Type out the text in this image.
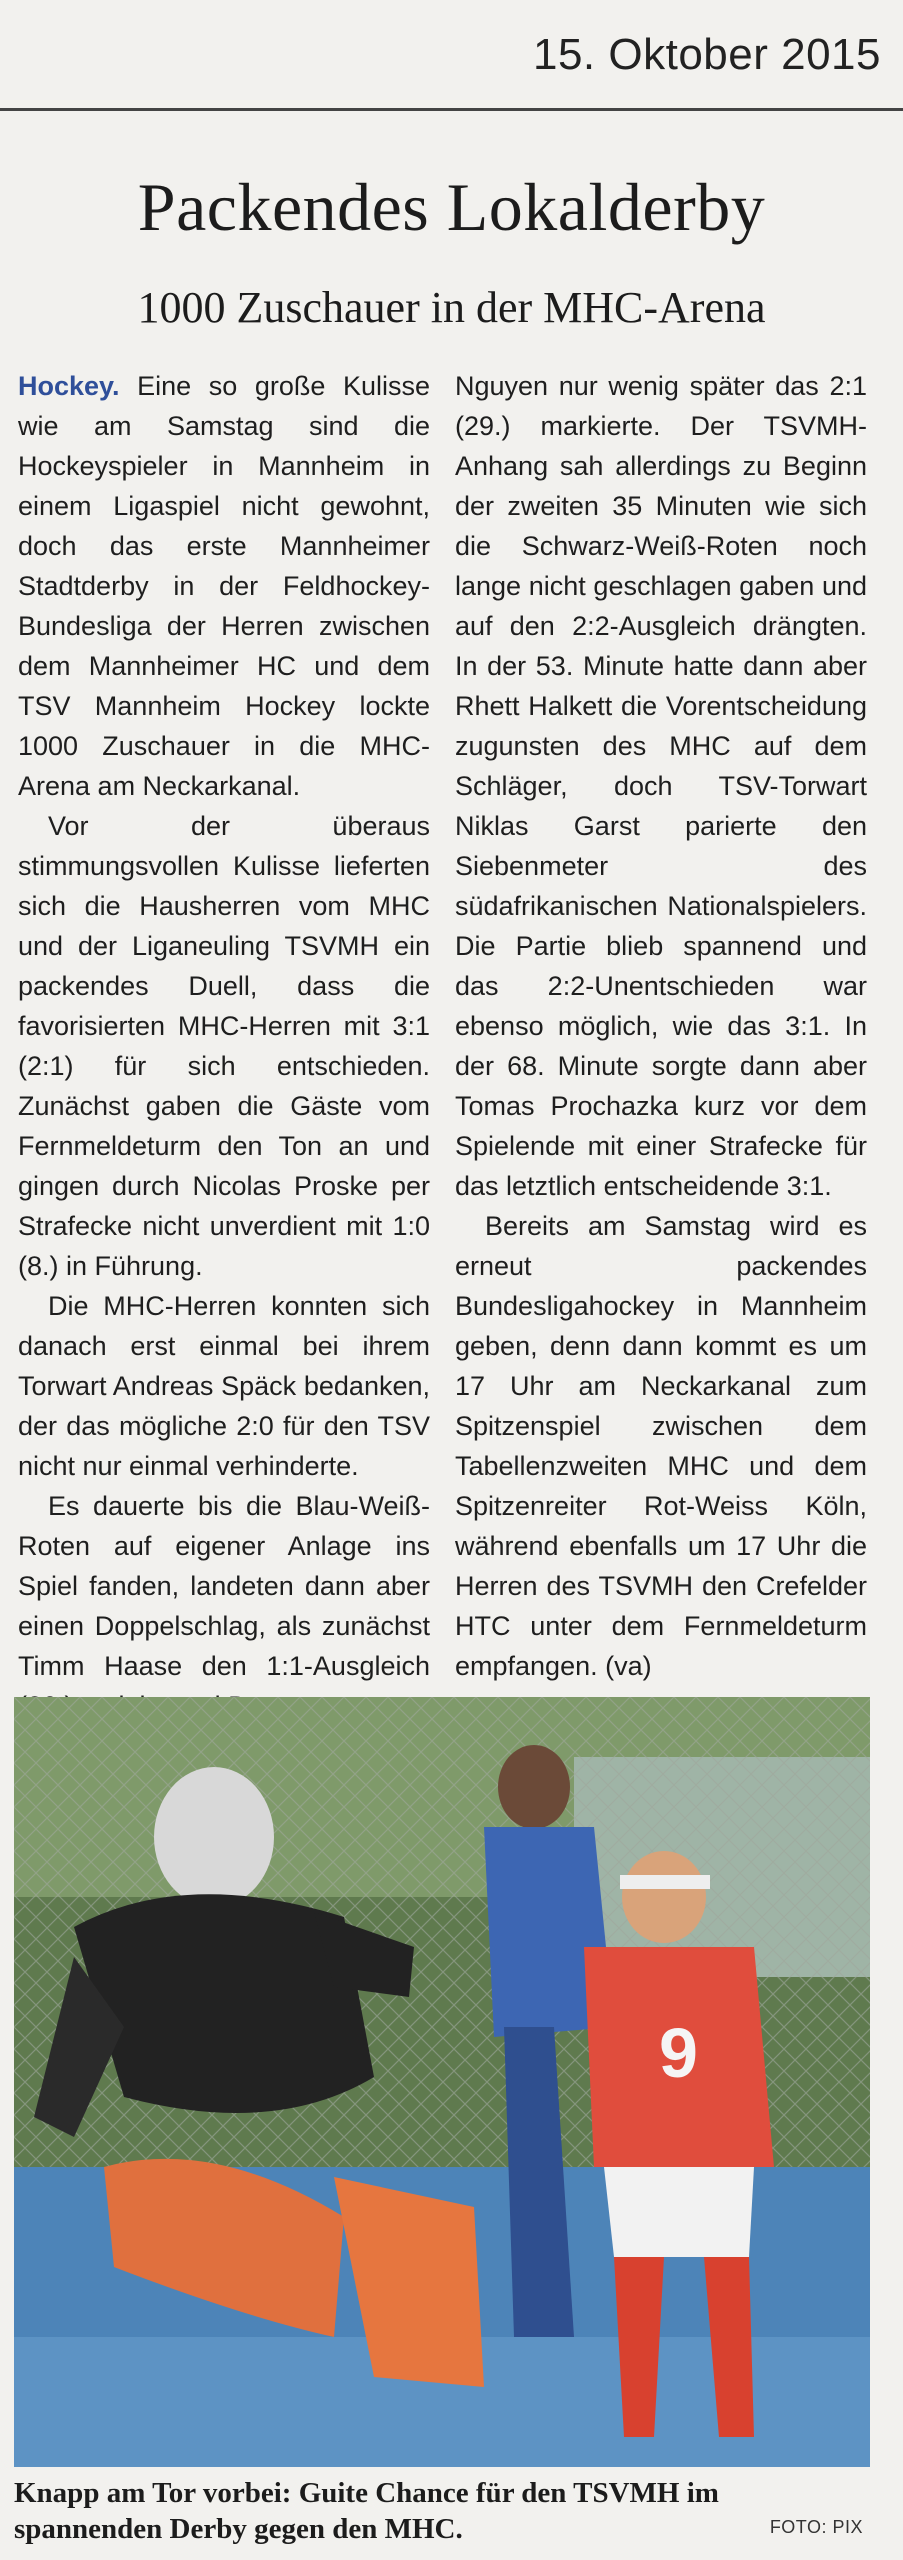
15. Oktober 2015
Packendes Lokalderby
1000 Zuschauer in der MHC-Arena

Hockey. Eine so große Kulisse wie am Samstag sind die Hockeyspieler in Mannheim in einem Ligaspiel nicht gewohnt, doch das erste Mannheimer Stadtderby in der Feldhockey-Bundesliga der Herren zwischen dem Mannheimer HC und dem TSV Mannheim Hockey lockte 1000 Zuschauer in die MHC-Arena am Neckarkanal.

Vor der überaus stimmungsvollen Kulisse lieferten sich die Hausherren vom MHC und der Liganeuling TSVMH ein packendes Duell, dass die favorisierten MHC-Herren mit 3:1 (2:1) für sich entschieden. Zunächst gaben die Gäste vom Fernmeldeturm den Ton an und gingen durch Nicolas Proske per Strafecke nicht unverdient mit 1:0 (8.) in Führung.

Die MHC-Herren konnten sich danach erst einmal bei ihrem Torwart Andreas Späck bedanken, der das mögliche 2:0 für den TSV nicht nur einmal verhinderte.

Es dauerte bis die Blau-Weiß-Roten auf eigener Anlage ins Spiel fanden, landeten dann aber einen Doppelschlag, als zunächst Timm Haase den 1:1-Ausgleich

Nguyen nur wenig später das 2:1 (29.) markierte. Der TSVMH-Anhang sah allerdings zu Beginn der zweiten 35 Minuten wie sich die Schwarz-Weiß-Roten noch lange nicht geschlagen gaben und auf den 2:2-Ausgleich drängten. In der 53. Minute hatte dann aber Rhett Halkett die Vorentscheidung zugunsten des MHC auf dem Schläger, doch TSV-Torwart Niklas Garst parierte den Siebenmeter des südafrikanischen Nationalspielers. Die Partie blieb spannend und das 2:2-Unentschieden war ebenso möglich, wie das 3:1. In der 68. Minute sorgte dann aber Tomas Prochazka kurz vor dem Spielende mit einer Strafecke für das letztlich entscheidende 3:1.

Bereits am Samstag wird es erneut packendes Bundesligahockey in Mannheim geben, denn dann kommt es um 17 Uhr am Neckarkanal zum Spitzenspiel zwischen dem Tabellenzweiten MHC und dem Spitzenreiter Rot-Weiss Köln, während ebenfalls um 17 Uhr die Herren des TSVMH den Crefelder HTC unter dem Fernmeldeturm empfangen. (va)

9
Knapp am Tor vorbei: Guite Chance für den TSVMH im spannenden Derby gegen den MHC.	FOTO: PIX
